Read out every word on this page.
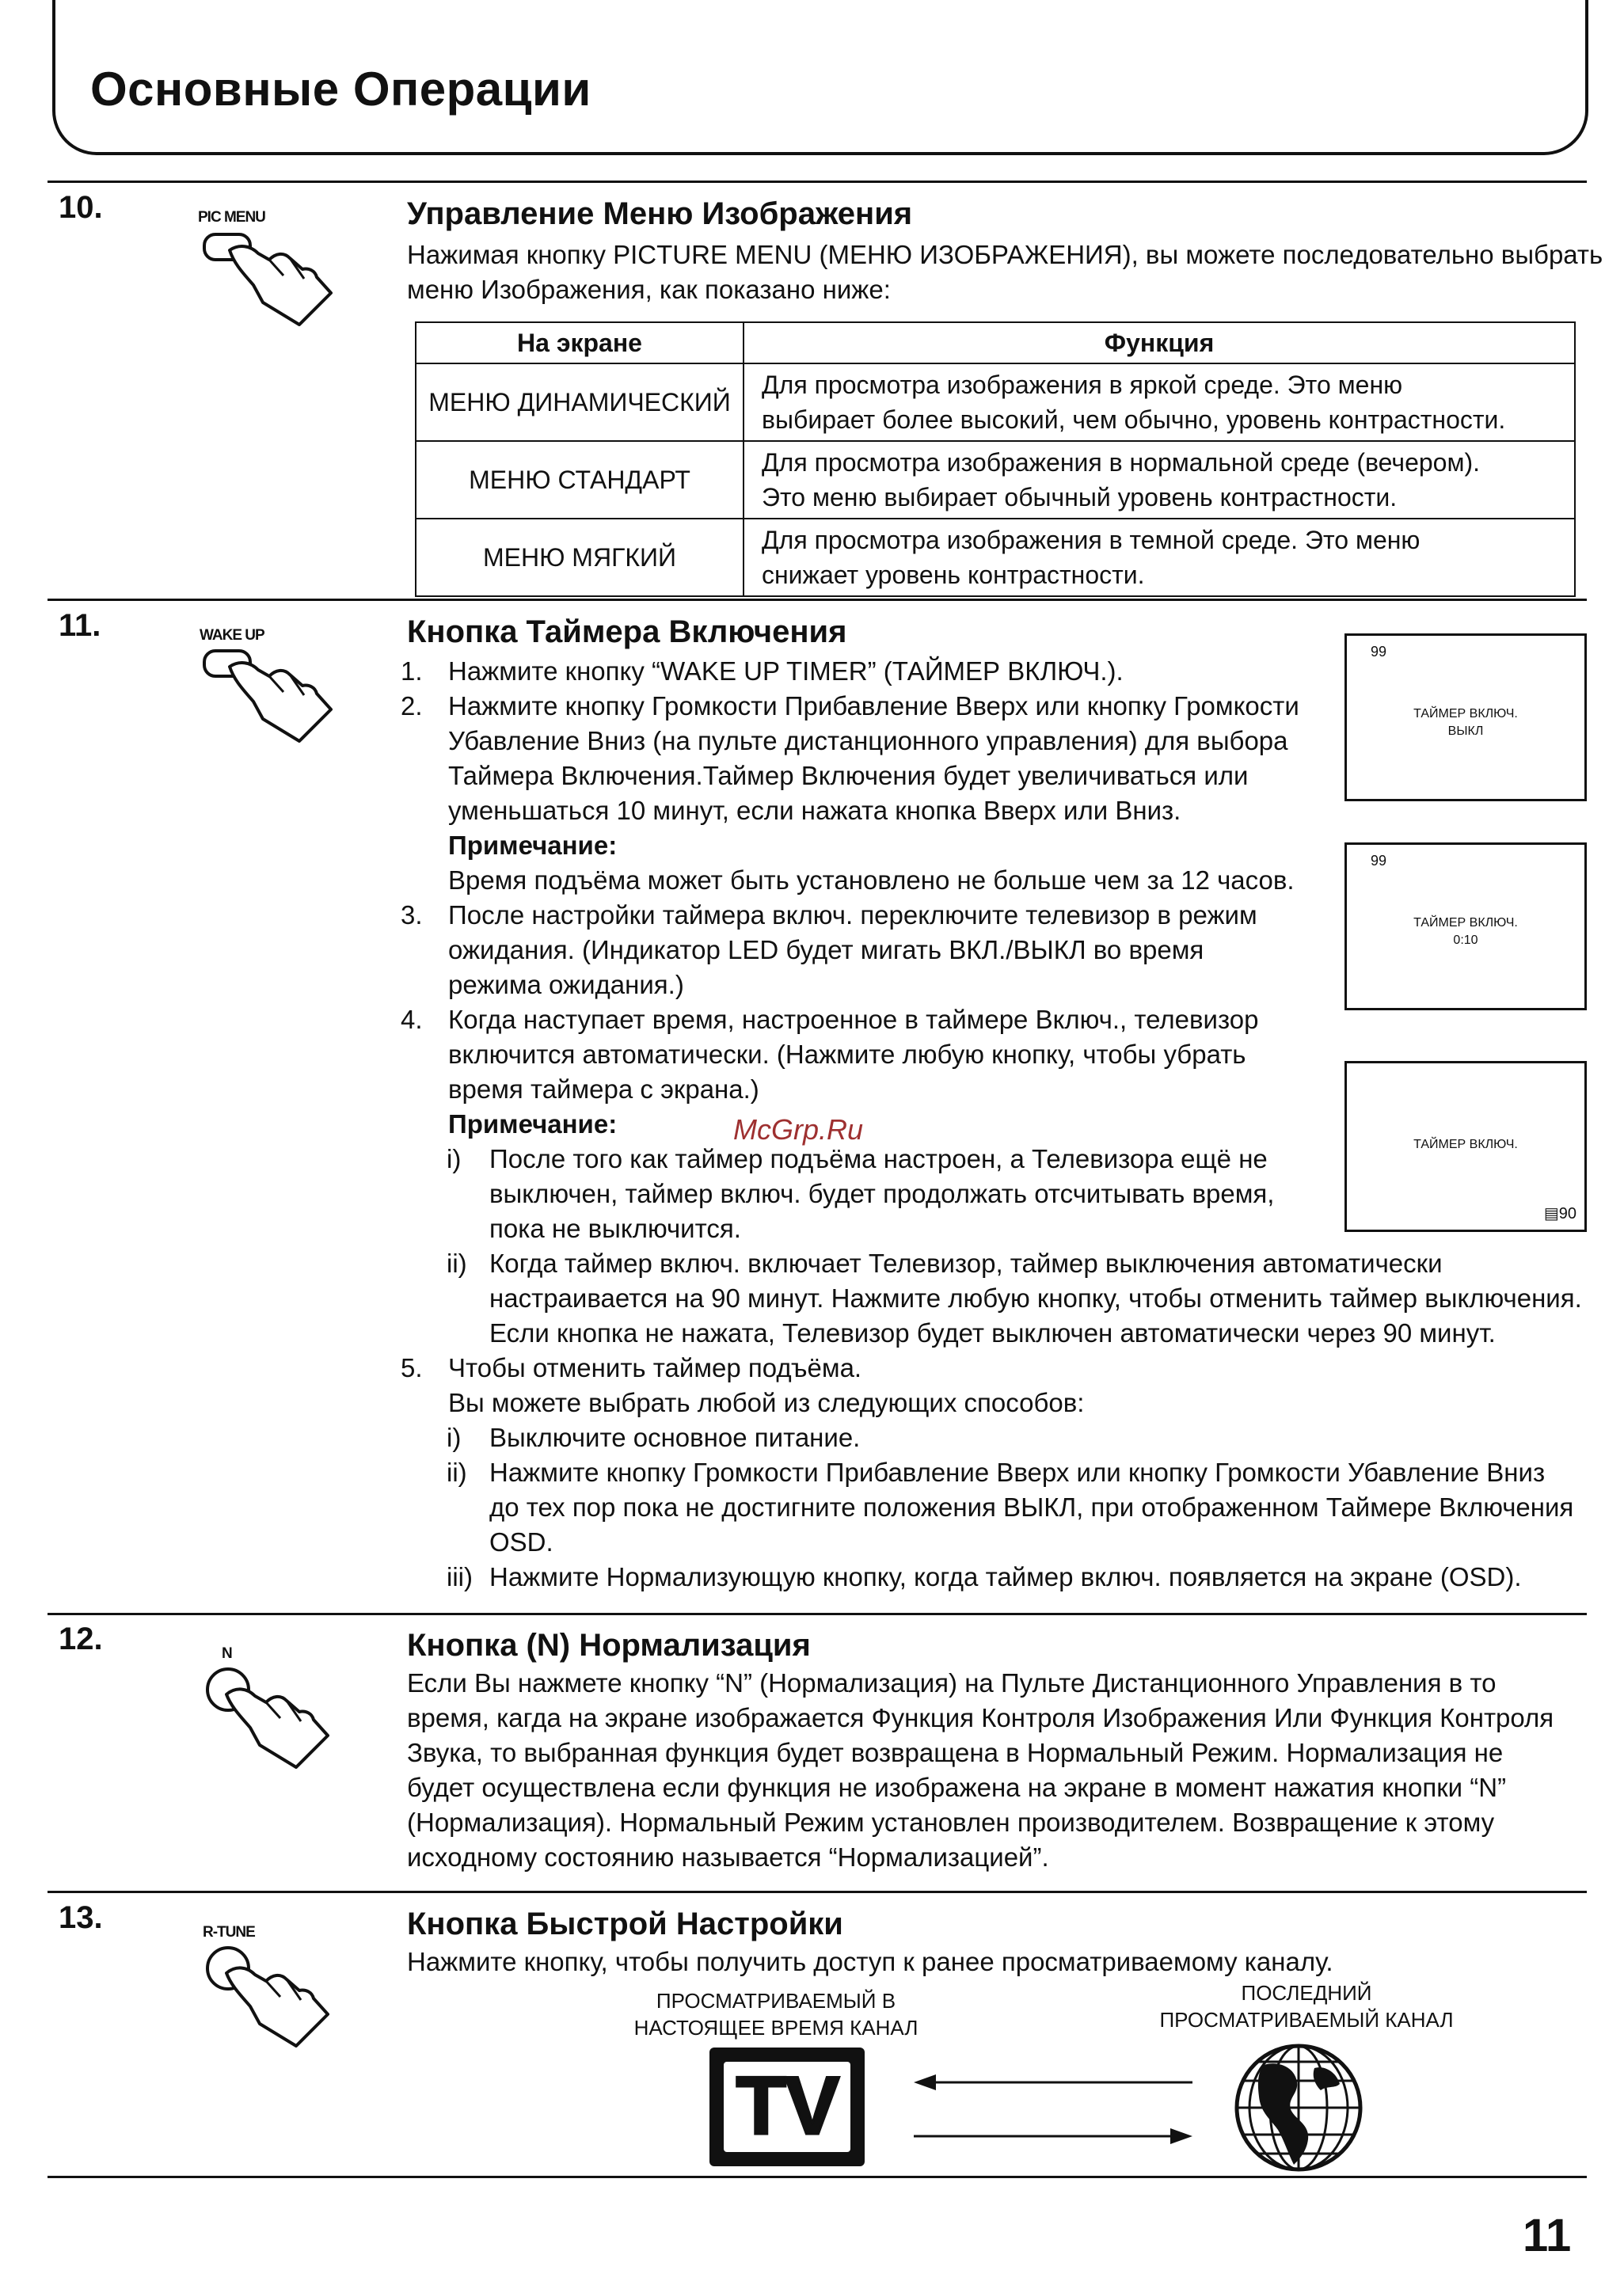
Основные Операции
10.	PIC MENU	Управление Меню Изображения
Нажимая кнопку PICTURE MENU (МЕНЮ ИЗОБРАЖЕНИЯ), вы можете последовательно выбрать
меню Изображения, как показано ниже:
На экране	Функция
МЕНЮ ДИНАМИЧЕСКИЙ	Для просмотра изображения в яркой среде. Это меню
выбирает более высокий, чем обычно, уровень контрастности.

МЕНЮ СТАНДАРТ	Для просмотра изображения в нормальной среде (вечером).
Это меню выбирает обычный уровень контрастности.

МЕНЮ МЯГКИЙ	Для просмотра изображения в темной среде. Это меню
снижает уровень контрастности.
11.	WAKE UP	Кнопка Таймера Включения
1. Нажмите кнопку “WAKE UP TIMER” (ТАЙМЕР ВКЛЮЧ.).
2. Нажмите кнопку Громкости Прибавление Вверх или кнопку Громкости
Убавление Вниз (на пульте дистанционного управления) для выбора
Таймера Включения.Таймер Включения будет увеличиваться или
уменьшаться 10 минут, если нажата кнопка Вверх или Вниз.
Примечание:
Время подъёма может быть установлено не больше чем за 12 часов.
3. После настройки таймера включ. переключите телевизор в режим
ожидания. (Индикатор LED будет мигать ВКЛ./ВЫКЛ во время
режима ожидания.)
4. Когда наступает время, настроенное в таймере Включ., телевизор
включится автоматически. (Нажмите любую кнопку, чтобы убрать
время таймера с экрана.)
Примечание:
i) После того как таймер подъёма настроен, а Телевизора ещё не
выключен, таймер включ. будет продолжать отсчитывать время,
пока не выключится.
ii) Когда таймер включ. включает Телевизор, таймер выключения автоматически
настраивается на 90 минут. Нажмите любую кнопку, чтобы отменить таймер выключения.
Если кнопка не нажата, Телевизор будет выключен автоматически через 90 минут.
5. Чтобы отменить таймер подъёма.
Вы можете выбрать любой из следующих способов:
i) Выключите основное питание.
ii) Нажмите кнопку Громкости Прибавление Вверх или кнопку Громкости Убавление Вниз
до тех пор пока не достигните положения ВЫКЛ, при отображенном Таймере Включения
OSD.
iii) Нажмите Нормализующую кнопку, когда таймер включ. появляется на экране (OSD).
99
ТАЙМЕР ВКЛЮЧ.
ВЫКЛ
99
ТАЙМЕР ВКЛЮЧ.
0:10
ТАЙМЕР ВКЛЮЧ.
▤90
McGrp.Ru
12.	N	Кнопка (N) Нормализация
Если Вы нажмете кнопку “N” (Нормализация) на Пульте Дистанционного Управления в то
время, кагда на экране изображается Функция Контроля Изображения Или Функция Контроля
Звука, то выбранная функция будет возвращена в Нормальный Режим. Нормализация не
будет осуществлена если функция не изображена на экране в момент нажатия кнопки “N”
(Нормализация). Нормальный Режим установлен производителем. Возвращение к этому
исходному состоянию называется “Нормализацией”.
13.	R-TUNE	Кнопка Быстрой Настройки
Нажмите кнопку, чтобы получить доступ к ранее просматриваемому каналу.
ПРОСМАТРИВАЕМЫЙ В
НАСТОЯЩЕЕ ВРЕМЯ КАНАЛ
ПОСЛЕДНИЙ
ПРОСМАТРИВАЕМЫЙ КАНАЛ
TV
11
